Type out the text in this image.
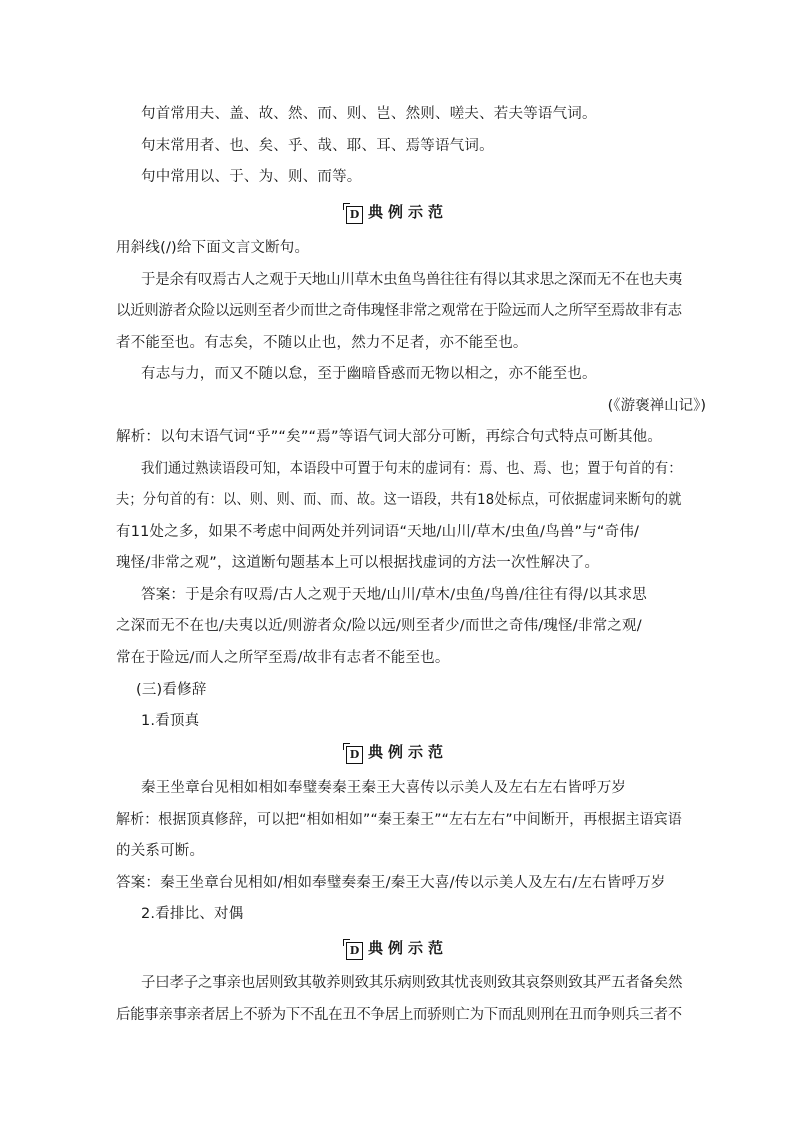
句首常用夫、盖、故、然、而、则、岂、然则、嗟夫、若夫等语气词。
句末常用者、也、矣、乎、哉、耶、耳、焉等语气词。
句中常用以、于、为、则、而等。
D 典例示范
用斜线(/)给下面文言文断句。
于是余有叹焉古人之观于天地山川草木虫鱼鸟兽往往有得以其求思之深而无不在也夫夷
以近则游者众险以远则至者少而世之奇伟瑰怪非常之观常在于险远而人之所罕至焉故非有志
者不能至也。有志矣，不随以止也，然力不足者，亦不能至也。
有志与力，而又不随以怠，至于幽暗昏惑而无物以相之，亦不能至也。
(《游褒禅山记》)
解析：以句末语气词“乎”“矣”“焉”等语气词大部分可断，再综合句式特点可断其他。
我们通过熟读语段可知，本语段中可置于句末的虚词有：焉、也、焉、也；置于句首的有：
夫；分句首的有：以、则、则、而、而、故。这一语段，共有18处标点，可依据虚词来断句的就
有11处之多，如果不考虑中间两处并列词语“天地/山川/草木/虫鱼/鸟兽”与“奇伟/
瑰怪/非常之观”，这道断句题基本上可以根据找虚词的方法一次性解决了。
答案：于是余有叹焉/古人之观于天地/山川/草木/虫鱼/鸟兽/往往有得/以其求思
之深而无不在也/夫夷以近/则游者众/险以远/则至者少/而世之奇伟/瑰怪/非常之观/
常在于险远/而人之所罕至焉/故非有志者不能至也。
(三)看修辞
1.看顶真
D 典例示范
秦王坐章台见相如相如奉璧奏秦王秦王大喜传以示美人及左右左右皆呼万岁
解析：根据顶真修辞，可以把“相如相如”“秦王秦王”“左右左右”中间断开，再根据主语宾语
的关系可断。
答案：秦王坐章台见相如/相如奉璧奏秦王/秦王大喜/传以示美人及左右/左右皆呼万岁
2.看排比、对偶
D 典例示范
子曰孝子之事亲也居则致其敬养则致其乐病则致其忧丧则致其哀祭则致其严五者备矣然
后能事亲事亲者居上不骄为下不乱在丑不争居上而骄则亡为下而乱则刑在丑而争则兵三者不
